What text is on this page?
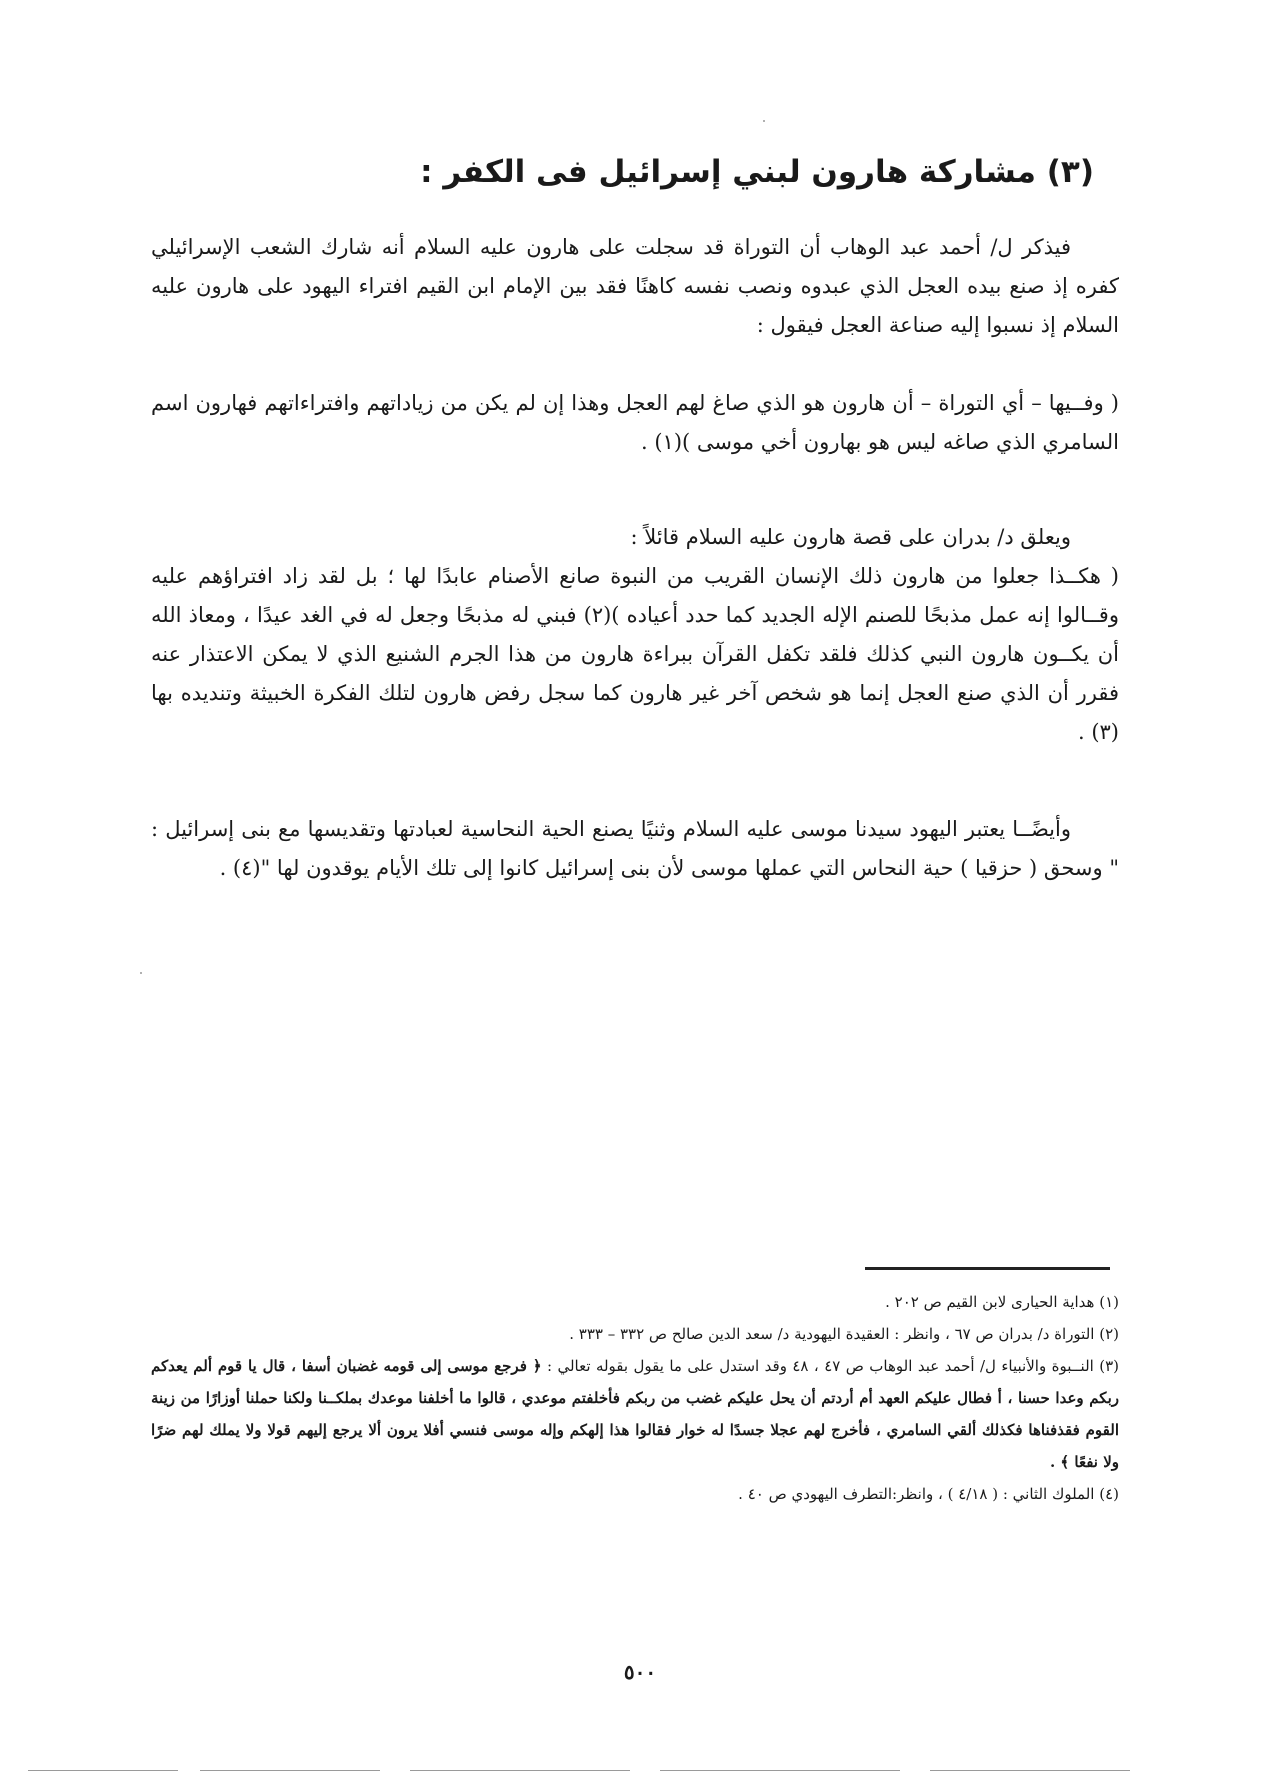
(٣) مشاركة هارون لبني إسرائيل فى الكفر :

فيذكر ل/ أحمد عبد الوهاب أن التوراة قد سجلت على هارون عليه السلام أنه شارك الشعب الإسرائيلي كفره إذ صنع بيده العجل الذي عبدوه ونصب نفسه كاهنًا فقد بين الإمام ابن القيم افتراء اليهود على هارون عليه السلام إذ نسبوا إليه صناعة العجل فيقول :

( وفــيها – أي التوراة – أن هارون هو الذي صاغ لهم العجل وهذا إن لم يكن من زياداتهم وافتراءاتهم فهارون اسم السامري الذي صاغه ليس هو بهارون أخي موسى )(١) .

ويعلق د/ بدران على قصة هارون عليه السلام قائلاً :

( هكــذا جعلوا من هارون ذلك الإنسان القريب من النبوة صانع الأصنام عابدًا لها ؛ بل لقد زاد افتراؤهم عليه وقــالوا إنه عمل مذبحًا للصنم الإله الجديد كما حدد أعياده )(٢) فبني له مذبحًا وجعل له في الغد عيدًا ، ومعاذ الله أن يكــون هارون النبي كذلك فلقد تكفل القرآن ببراءة هارون من هذا الجرم الشنيع الذي لا يمكن الاعتذار عنه فقرر أن الذي صنع العجل إنما هو شخص آخر غير هارون كما سجل رفض هارون لتلك الفكرة الخبيثة وتنديده بها (٣) .

وأيضًــا يعتبر اليهود سيدنا موسى عليه السلام وثنيًا يصنع الحية النحاسية لعبادتها وتقديسها مع بنى إسرائيل : " وسحق ( حزقيا ) حية النحاس التي عملها موسى لأن بنى إسرائيل كانوا إلى تلك الأيام يوقدون لها "(٤) .

(١) هداية الحيارى لابن القيم ص ٢٠٢ .

(٢) التوراة د/ بدران ص ٦٧ ، وانظر : العقيدة اليهودية د/ سعد الدين صالح ص ٣٣٢ – ٣٣٣ .

(٣) النــبوة والأنبياء ل/ أحمد عبد الوهاب ص ٤٧ ، ٤٨ وقد استدل على ما يقول بقوله تعالي : ﴿ فرجع موسى إلى قومه غضبان أسفا ، قال يا قوم ألم يعدكم ربكم وعدا حسنا ، أ فطال عليكم العهد أم أردتم أن يحل عليكم غضب من ربكم فأخلفتم موعدي ، قالوا ما أخلفنا موعدك بملكــنا ولكنا حملنا أوزارًا من زينة القوم فقذفناها فكذلك ألقي السامري ، فأخرج لهم عجلا جسدًا له خوار فقالوا هذا إلهكم وإله موسى فنسي أفلا يرون ألا يرجع إليهم قولا ولا يملك لهم ضرًا ولا نفعًا ﴾ .

(٤) الملوك الثاني : ( ٤/١٨ ) ، وانظر:التطرف اليهودي ص ٤٠ .

٥٠٠
